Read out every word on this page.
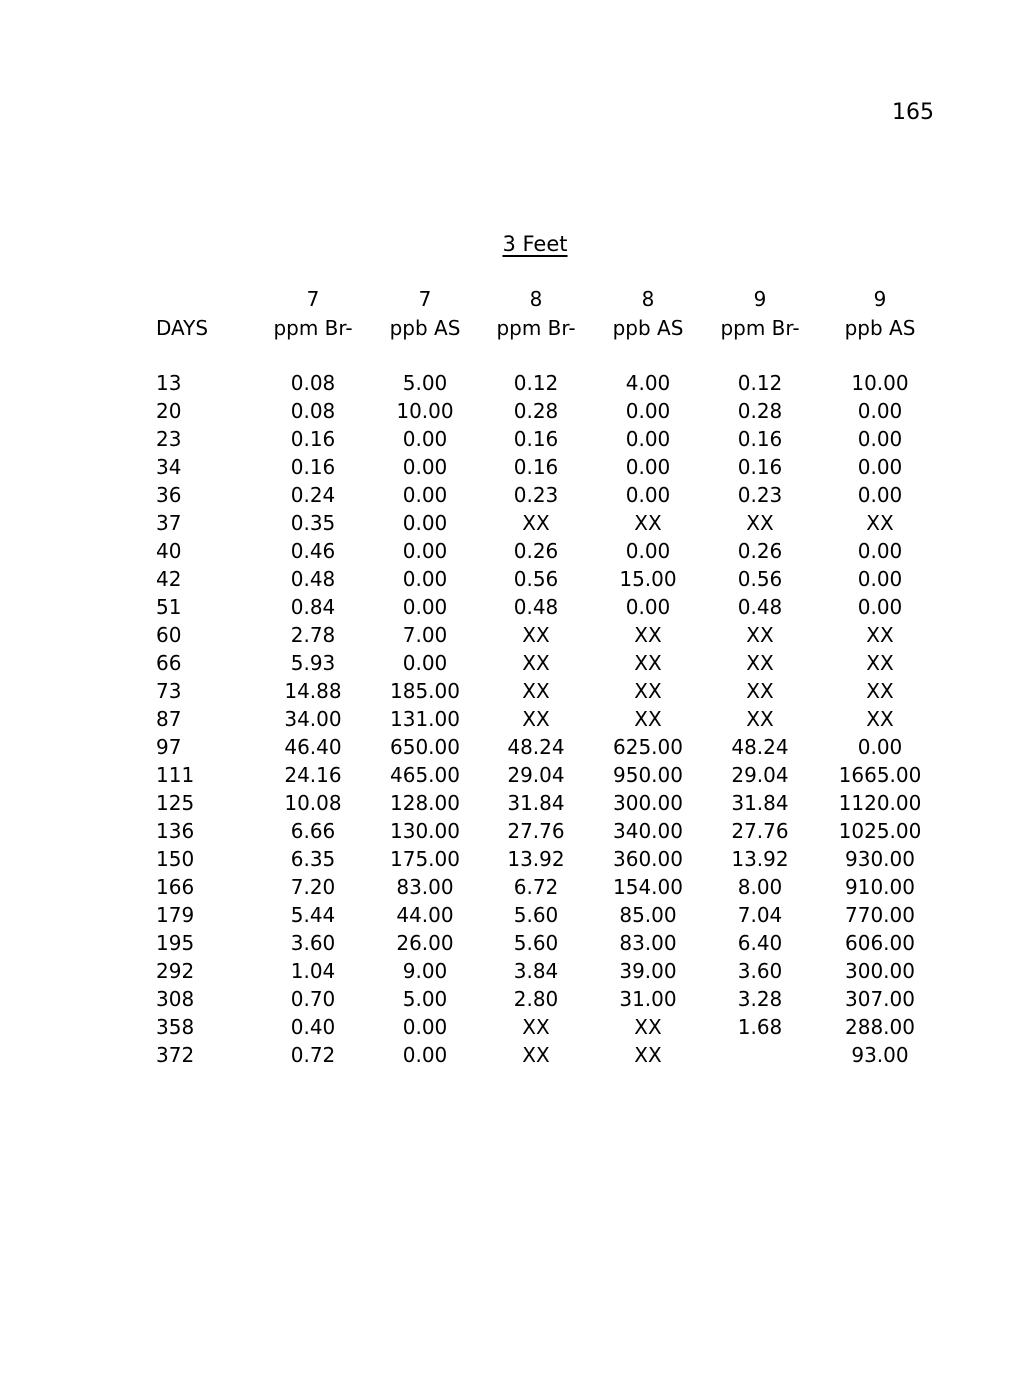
165
3 Feet
	7	7	8	8	9	9
DAYS	ppm Br-	ppb AS	ppm Br-	ppb AS	ppm Br-	ppb AS

13	0.08	5.00	0.12	4.00	0.12	10.00
20	0.08	10.00	0.28	0.00	0.28	0.00
23	0.16	0.00	0.16	0.00	0.16	0.00
34	0.16	0.00	0.16	0.00	0.16	0.00
36	0.24	0.00	0.23	0.00	0.23	0.00
37	0.35	0.00	XX	XX	XX	XX
40	0.46	0.00	0.26	0.00	0.26	0.00
42	0.48	0.00	0.56	15.00	0.56	0.00
51	0.84	0.00	0.48	0.00	0.48	0.00
60	2.78	7.00	XX	XX	XX	XX
66	5.93	0.00	XX	XX	XX	XX
73	14.88	185.00	XX	XX	XX	XX
87	34.00	131.00	XX	XX	XX	XX
97	46.40	650.00	48.24	625.00	48.24	0.00
111	24.16	465.00	29.04	950.00	29.04	1665.00
125	10.08	128.00	31.84	300.00	31.84	1120.00
136	6.66	130.00	27.76	340.00	27.76	1025.00
150	6.35	175.00	13.92	360.00	13.92	930.00
166	7.20	83.00	6.72	154.00	8.00	910.00
179	5.44	44.00	5.60	85.00	7.04	770.00
195	3.60	26.00	5.60	83.00	6.40	606.00
292	1.04	9.00	3.84	39.00	3.60	300.00
308	0.70	5.00	2.80	31.00	3.28	307.00
358	0.40	0.00	XX	XX	1.68	288.00
372	0.72	0.00	XX	XX		93.00
